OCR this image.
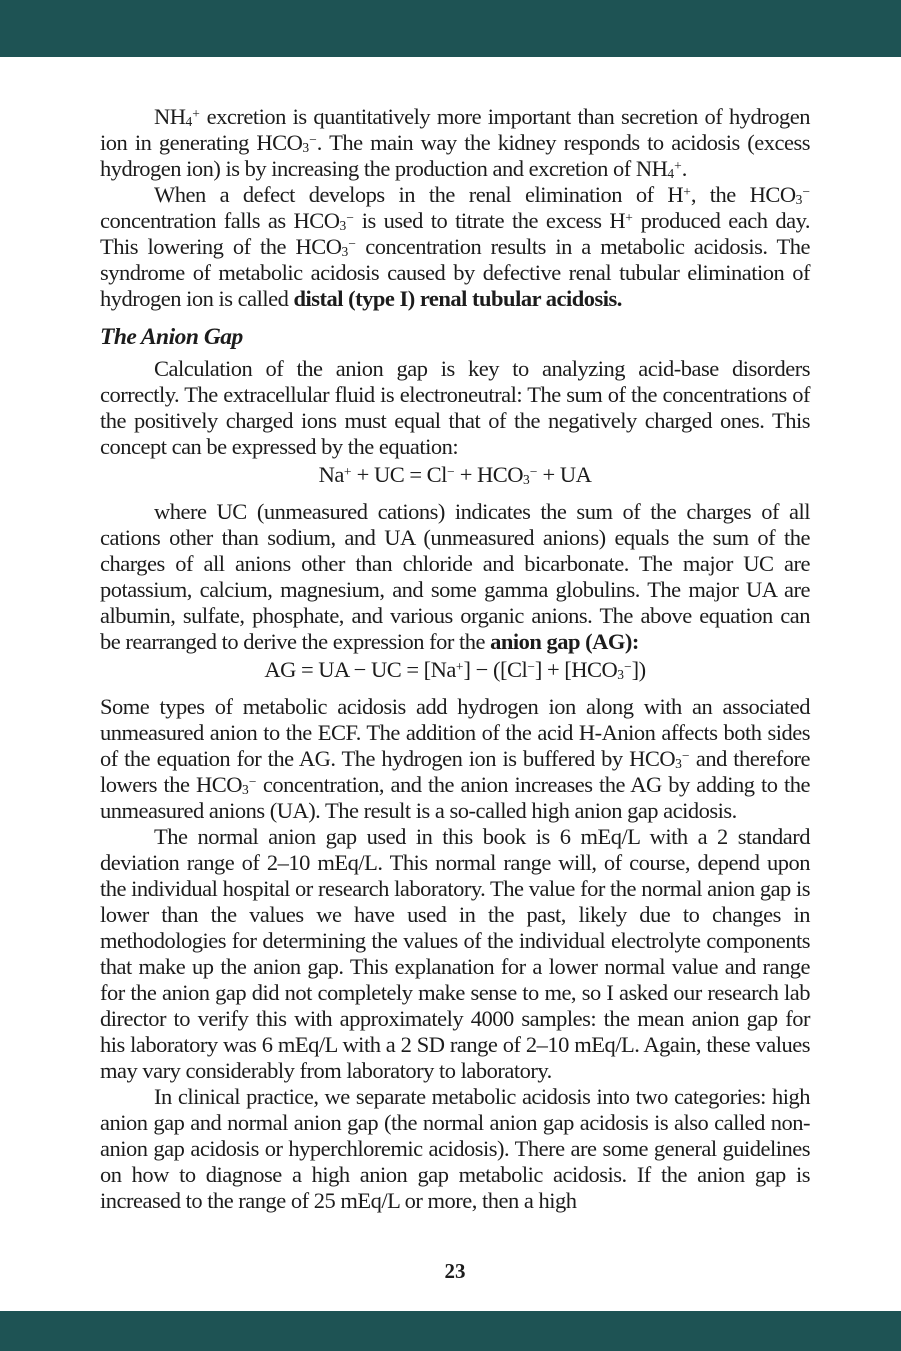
$NH_4^+$ excretion is quantitatively more important than secretion of hydrogen ion in generating $HCO_3^-$. The main way the kidney responds to acidosis (excess hydrogen ion) is by increasing the production and excretion of $NH_4^+$.

When a defect develops in the renal elimination of H+, the $HCO_3^-$ concentration falls as $HCO_3^-$ is used to titrate the excess H+ produced each day. This lowering of the $HCO_3^-$ concentration results in a metabolic acidosis. The syndrome of metabolic acidosis caused by defective renal tubular elimination of hydrogen ion is called distal (type I) renal tubular acidosis.

The Anion Gap

Calculation of the anion gap is key to analyzing acid-base disorders correctly. The extracellular fluid is electroneutral: The sum of the concentrations of the positively charged ions must equal that of the negatively charged ones. This concept can be expressed by the equation:

Na+ + UC = $Cl^- + HCO_3^-$ + UA

where UC (unmeasured cations) indicates the sum of the charges of all cations other than sodium, and UA (unmeasured anions) equals the sum of the charges of all anions other than chloride and bicarbonate. The major UC are potassium, calcium, magnesium, and some gamma globulins. The major UA are albumin, sulfate, phosphate, and various organic anions. The above equation can be rearranged to derive the expression for the anion gap (AG):

AG = UA − UC = $[Na^+] - ([Cl^-] + [HCO_3^-])$

Some types of metabolic acidosis add hydrogen ion along with an associated unmeasured anion to the ECF. The addition of the acid H-Anion affects both sides of the equation for the AG. The hydrogen ion is buffered by $HCO_3^-$ and therefore lowers the $HCO_3^-$ concentration, and the anion increases the AG by adding to the unmeasured anions (UA). The result is a so-called high anion gap acidosis.

The normal anion gap used in this book is 6 mEq/L with a 2 standard deviation range of 2–10 mEq/L. This normal range will, of course, depend upon the individual hospital or research laboratory. The value for the normal anion gap is lower than the values we have used in the past, likely due to changes in methodologies for determining the values of the individual electrolyte components that make up the anion gap. This explanation for a lower normal value and range for the anion gap did not completely make sense to me, so I asked our research lab director to verify this with approximately 4000 samples: the mean anion gap for his laboratory was 6 mEq/L with a 2 SD range of 2–10 mEq/L. Again, these values may vary considerably from laboratory to laboratory.

In clinical practice, we separate metabolic acidosis into two categories: high anion gap and normal anion gap (the normal anion gap acidosis is also called non-anion gap acidosis or hyperchloremic acidosis). There are some general guidelines on how to diagnose a high anion gap metabolic acidosis. If the anion gap is increased to the range of 25 mEq/L or more, then a high

23
